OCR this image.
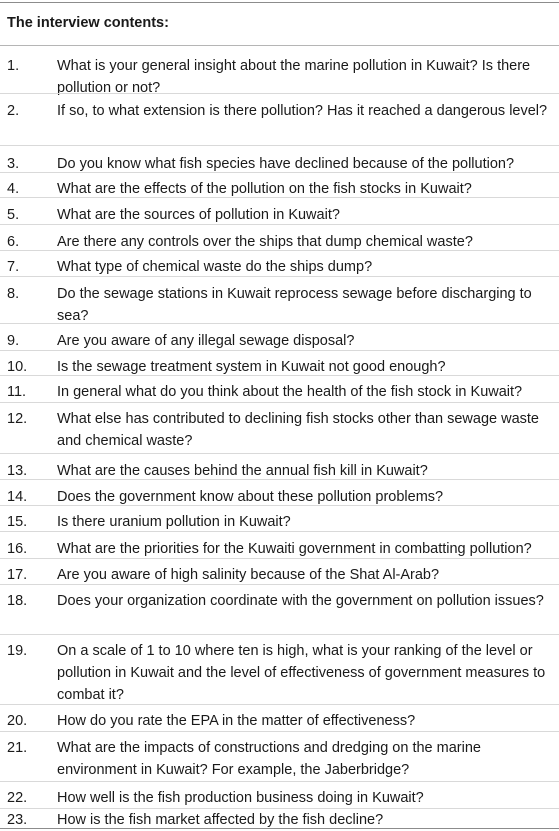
The interview contents:
1.	What is your general insight about the marine pollution in Kuwait? Is there pollution or not?
2.	If so, to what extension is there pollution? Has it reached a dangerous level?
3.	Do you know what fish species have declined because of the pollution?
4.	What are the effects of the pollution on the fish stocks in Kuwait?
5.	What are the sources of pollution in Kuwait?
6.	Are there any controls over the ships that dump chemical waste?
7.	What type of chemical waste do the ships dump?
8.	Do the sewage stations in Kuwait reprocess sewage before discharging to sea?
9.	Are you aware of any illegal sewage disposal?
10.	Is the sewage treatment system in Kuwait not good enough?
11.	In general what do you think about the health of the fish stock in Kuwait?
12.	What else has contributed to declining fish stocks other than sewage waste and chemical waste?
13.	What are the causes behind the annual fish kill in Kuwait?
14.	Does the government know about these pollution problems?
15.	Is there uranium pollution in Kuwait?
16.	What are the priorities for the Kuwaiti government in combatting pollution?
17.	Are you aware of high salinity because of the Shat Al-Arab?
18.	Does your organization coordinate with the government on pollution issues?
19.	On a scale of 1 to 10 where ten is high, what is your ranking of the level or pollution in Kuwait and the level of effectiveness of government measures to combat it?
20.	How do you rate the EPA in the matter of effectiveness?
21.	What are the impacts of constructions and dredging on the marine environment in Kuwait? For example, the Jaberbridge?
22.	How well is the fish production business doing in Kuwait?
23.	How is the fish market affected by the fish decline?
